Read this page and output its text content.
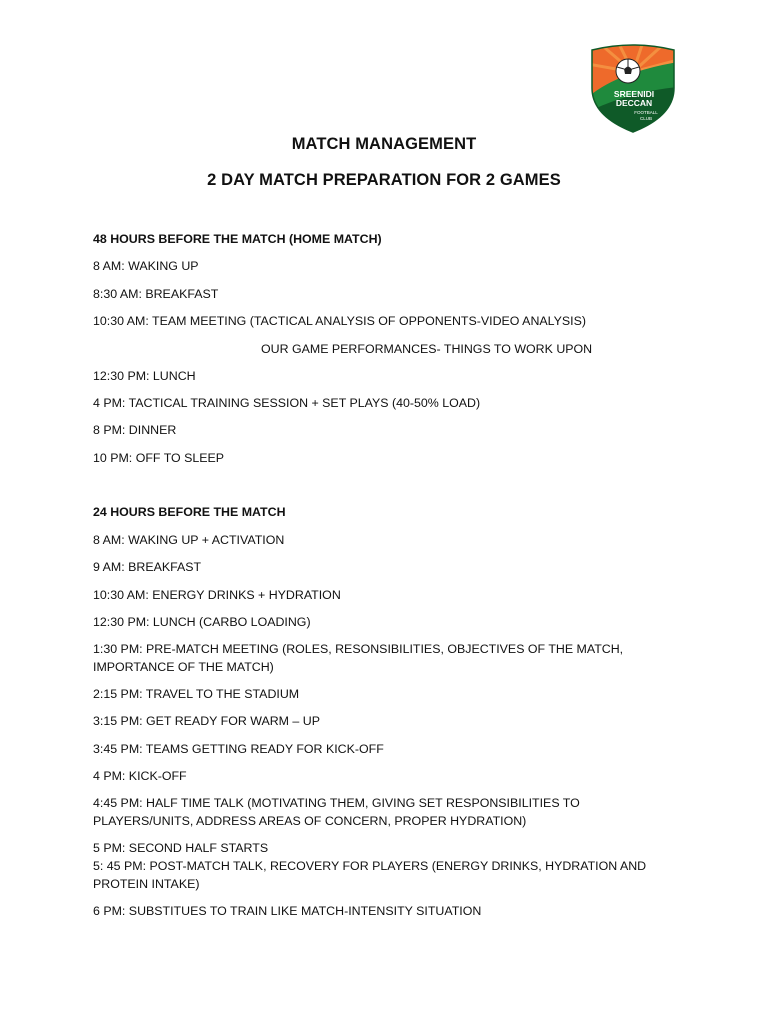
SREENIDI
DECCAN
FOOTBALL
CLUB
MATCH MANAGEMENT
2 DAY MATCH PREPARATION FOR 2 GAMES
48 HOURS BEFORE THE MATCH (HOME MATCH)
8 AM: WAKING UP
8:30 AM: BREAKFAST
10:30 AM: TEAM MEETING (TACTICAL ANALYSIS OF OPPONENTS-VIDEO ANALYSIS)
OUR GAME PERFORMANCES- THINGS TO WORK UPON
12:30 PM: LUNCH
4 PM: TACTICAL TRAINING SESSION + SET PLAYS (40-50% LOAD)
8 PM: DINNER
10 PM: OFF TO SLEEP
24 HOURS BEFORE THE MATCH
8 AM: WAKING UP + ACTIVATION
9 AM: BREAKFAST
10:30 AM: ENERGY DRINKS + HYDRATION
12:30 PM: LUNCH (CARBO LOADING)
1:30 PM: PRE-MATCH MEETING (ROLES, RESONSIBILITIES, OBJECTIVES OF THE MATCH, IMPORTANCE OF THE MATCH)
2:15 PM: TRAVEL TO THE STADIUM
3:15 PM: GET READY FOR WARM – UP
3:45 PM: TEAMS GETTING READY FOR KICK-OFF
4 PM: KICK-OFF
4:45 PM: HALF TIME TALK (MOTIVATING THEM, GIVING SET RESPONSIBILITIES TO PLAYERS/UNITS, ADDRESS AREAS OF CONCERN, PROPER HYDRATION)
5 PM: SECOND HALF STARTS
5: 45 PM: POST-MATCH TALK, RECOVERY FOR PLAYERS (ENERGY DRINKS, HYDRATION AND PROTEIN INTAKE)
6 PM: SUBSTITUES TO TRAIN LIKE MATCH-INTENSITY SITUATION
